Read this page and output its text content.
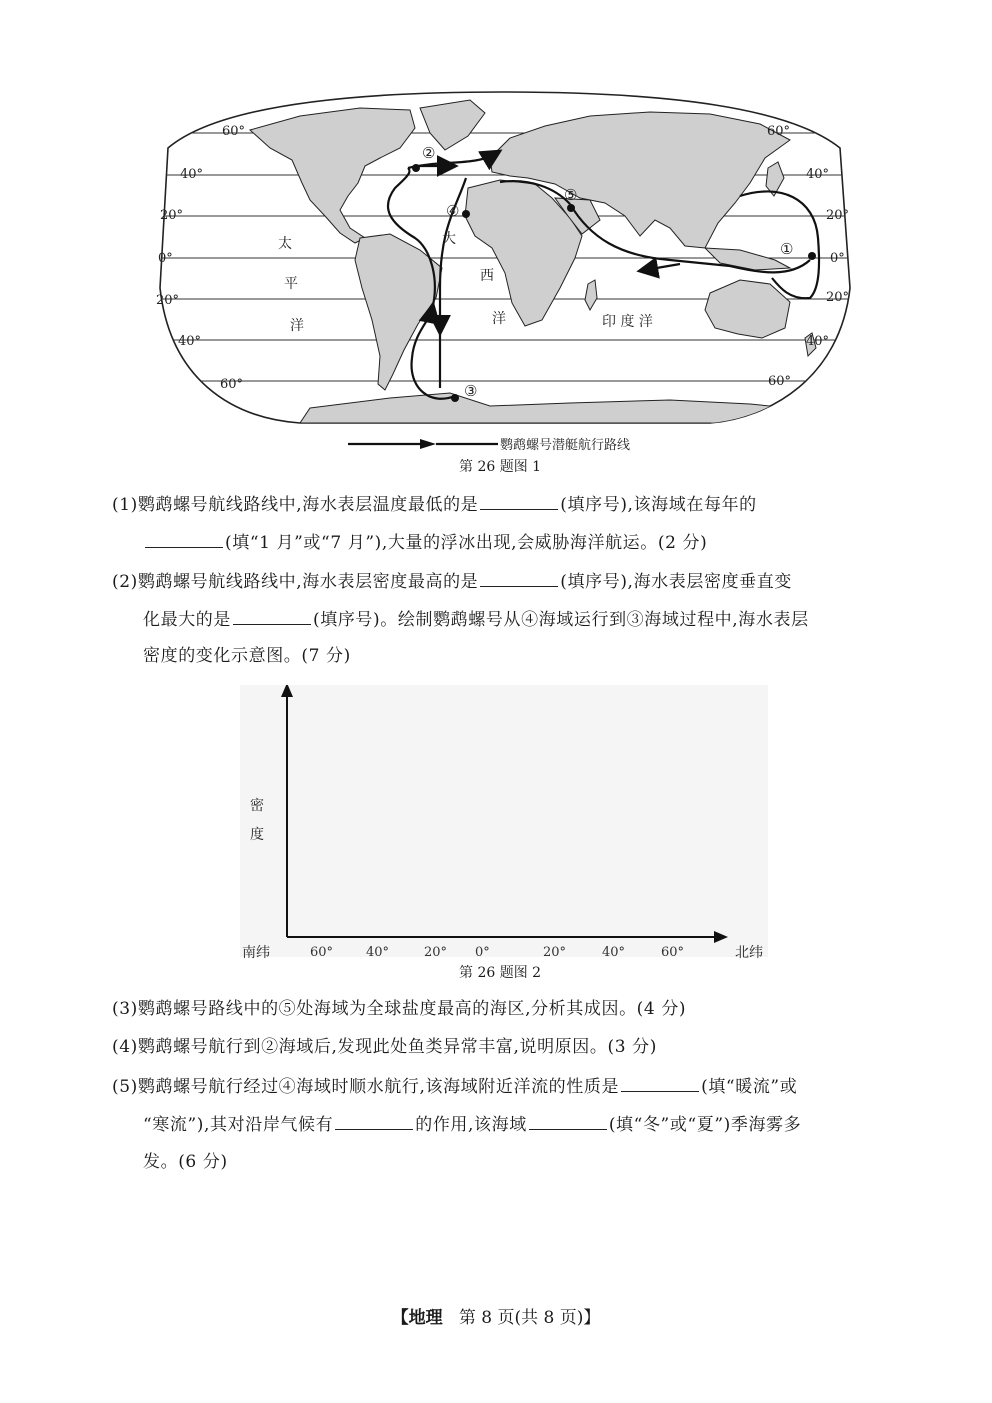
②
④
③
⑤
①
60°
40°
20°
0°
20°
40°
60°
60°
40°
20°
0°
20°
40°
60°
太
平
洋
大
西
洋	印 度 洋
鹦鹉螺号潜艇航行路线
第 26 题图 1
(1)鹦鹉螺号航线路线中,海水表层温度最低的是	(填序号),该海域在每年的
(填“1 月”或“7 月”),大量的浮冰出现,会威胁海洋航运。(2 分)
(2)鹦鹉螺号航线路线中,海水表层密度最高的是	(填序号),海水表层密度垂直变
化最大的是	(填序号)。绘制鹦鹉螺号从④海域运行到③海域过程中,海水表层
密度的变化示意图。(7 分)
密
度
南纬	北纬
60°	40°	20° 0°	20°	40°	60°
第 26 题图 2
(3)鹦鹉螺号路线中的⑤处海域为全球盐度最高的海区,分析其成因。(4 分)
(4)鹦鹉螺号航行到②海域后,发现此处鱼类异常丰富,说明原因。(3 分)
(5)鹦鹉螺号航行经过④海域时顺水航行,该海域附近洋流的性质是	(填“暖流”或
“寒流”),其对沿岸气候有	的作用,该海域	(填“冬”或“夏”)季海雾多
发。(6 分)
【地理 第 8 页(共 8 页)】
